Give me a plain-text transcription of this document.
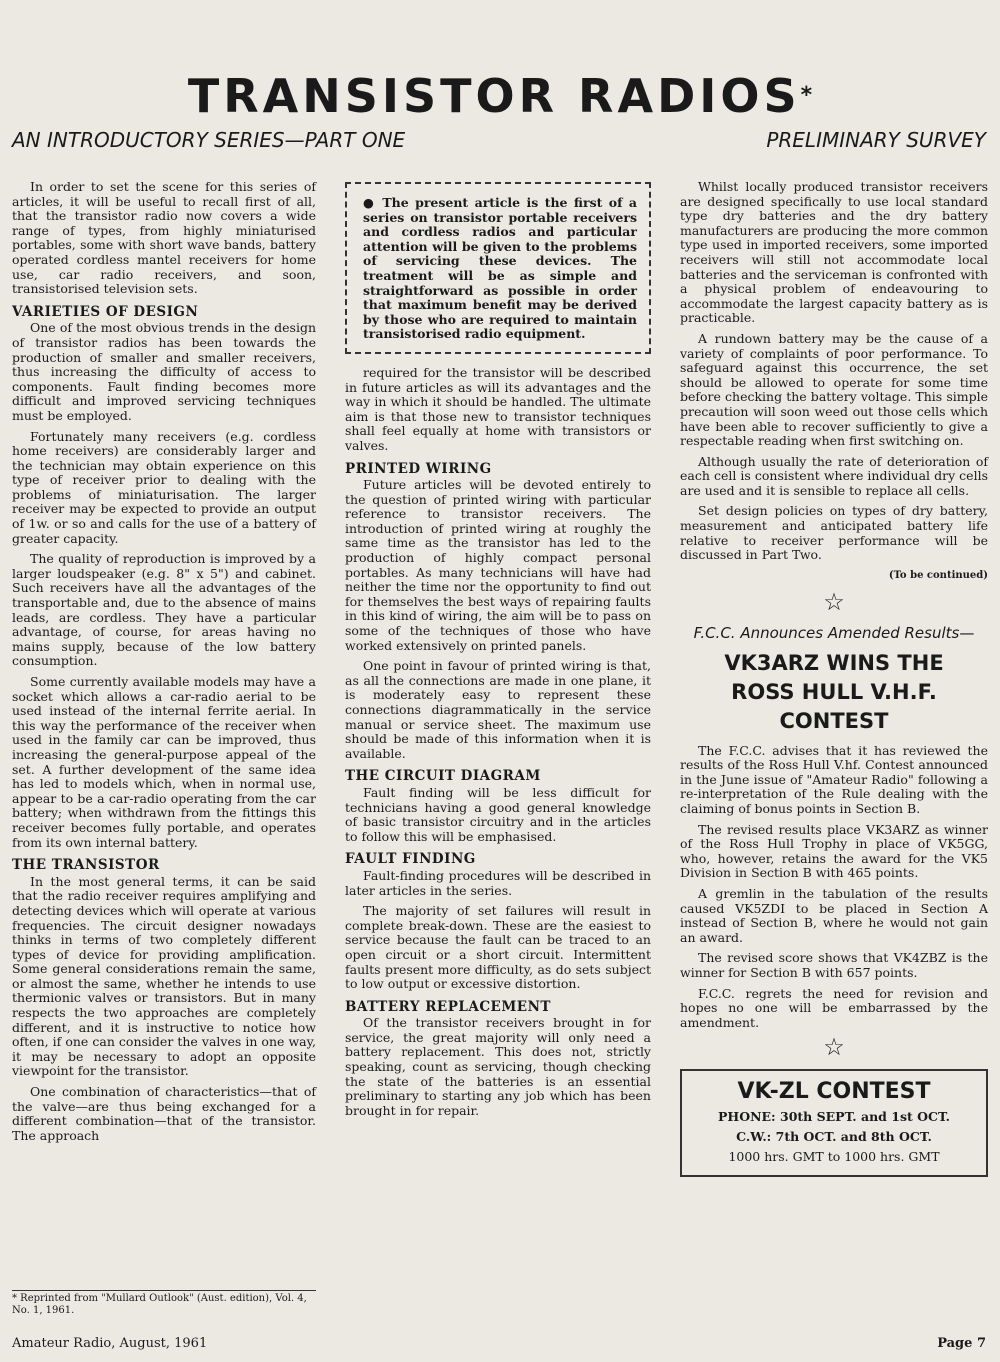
TRANSISTOR RADIOS*
AN INTRODUCTORY SERIES—PART ONE	PRELIMINARY SURVEY

In order to set the scene for this series of articles, it will be useful to recall first of all, that the transistor radio now covers a wide range of types, from highly miniaturised portables, some with short wave bands, battery operated cordless mantel receivers for home use, car radio receivers, and soon, transistorised television sets.

VARIETIES OF DESIGN

One of the most obvious trends in the design of transistor radios has been towards the production of smaller and smaller receivers, thus increasing the difficulty of access to components. Fault finding becomes more difficult and improved servicing techniques must be employed.

Fortunately many receivers (e.g. cordless home receivers) are considerably larger and the technician may obtain experience on this type of receiver prior to dealing with the problems of miniaturisation. The larger receiver may be expected to provide an output of 1w. or so and calls for the use of a battery of greater capacity.

The quality of reproduction is improved by a larger loudspeaker (e.g. 8" x 5") and cabinet. Such receivers have all the advantages of the transportable and, due to the absence of mains leads, are cordless. They have a particular advantage, of course, for areas having no mains supply, because of the low battery consumption.

Some currently available models may have a socket which allows a car-radio aerial to be used instead of the internal ferrite aerial. In this way the performance of the receiver when used in the family car can be improved, thus increasing the general-purpose appeal of the set. A further development of the same idea has led to models which, when in normal use, appear to be a car-radio operating from the car battery; when withdrawn from the fittings this receiver becomes fully portable, and operates from its own internal battery.

THE TRANSISTOR

In the most general terms, it can be said that the radio receiver requires amplifying and detecting devices which will operate at various frequencies. The circuit designer nowadays thinks in terms of two completely different types of device for providing amplification. Some general considerations remain the same, or almost the same, whether he intends to use thermionic valves or transistors. But in many respects the two approaches are completely different, and it is instructive to notice how often, if one can consider the valves in one way, it may be necessary to adopt an opposite viewpoint for the transistor.

One combination of characteristics—that of the valve—are thus being exchanged for a different combination—that of the transistor. The approach

* Reprinted from "Mullard Outlook" (Aust. edition), Vol. 4, No. 1, 1961.

● The present article is the first of a series on transistor portable receivers and cordless radios and particular attention will be given to the problems of servicing these devices. The treatment will be as simple and straightforward as possible in order that maximum benefit may be derived by those who are required to maintain transistorised radio equipment.

required for the transistor will be described in future articles as will its advantages and the way in which it should be handled. The ultimate aim is that those new to transistor techniques shall feel equally at home with transistors or valves.

PRINTED WIRING

Future articles will be devoted entirely to the question of printed wiring with particular reference to transistor receivers. The introduction of printed wiring at roughly the same time as the transistor has led to the production of highly compact personal portables. As many technicians will have had neither the time nor the opportunity to find out for themselves the best ways of repairing faults in this kind of wiring, the aim will be to pass on some of the techniques of those who have worked extensively on printed panels.

One point in favour of printed wiring is that, as all the connections are made in one plane, it is moderately easy to represent these connections diagrammatically in the service manual or service sheet. The maximum use should be made of this information when it is available.

THE CIRCUIT DIAGRAM

Fault finding will be less difficult for technicians having a good general knowledge of basic transistor circuitry and in the articles to follow this will be emphasised.

FAULT FINDING

Fault-finding procedures will be described in later articles in the series.

The majority of set failures will result in complete break-down. These are the easiest to service because the fault can be traced to an open circuit or a short circuit. Intermittent faults present more difficulty, as do sets subject to low output or excessive distortion.

BATTERY REPLACEMENT

Of the transistor receivers brought in for service, the great majority will only need a battery replacement. This does not, strictly speaking, count as servicing, though checking the state of the batteries is an essential preliminary to starting any job which has been brought in for repair.

Whilst locally produced transistor receivers are designed specifically to use local standard type dry batteries and the dry battery manufacturers are producing the more common type used in imported receivers, some imported receivers will still not accommodate local batteries and the serviceman is confronted with a physical problem of endeavouring to accommodate the largest capacity battery as is practicable.

A rundown battery may be the cause of a variety of complaints of poor performance. To safeguard against this occurrence, the set should be allowed to operate for some time before checking the battery voltage. This simple precaution will soon weed out those cells which have been able to recover sufficiently to give a respectable reading when first switching on.

Although usually the rate of deterioration of each cell is consistent where individual dry cells are used and it is sensible to replace all cells.

Set design policies on types of dry battery, measurement and anticipated battery life relative to receiver performance will be discussed in Part Two.

(To be continued)
☆
F.C.C. Announces Amended Results—
VK3ARZ WINS THE
ROSS HULL V.H.F. CONTEST

The F.C.C. advises that it has reviewed the results of the Ross Hull V.hf. Contest announced in the June issue of "Amateur Radio" following a re-interpretation of the Rule dealing with the claiming of bonus points in Section B.

The revised results place VK3ARZ as winner of the Ross Hull Trophy in place of VK5GG, who, however, retains the award for the VK5 Division in Section B with 465 points.

A gremlin in the tabulation of the results caused VK5ZDI to be placed in Section A instead of Section B, where he would not gain an award.

The revised score shows that VK4ZBZ is the winner for Section B with 657 points.

F.C.C. regrets the need for revision and hopes no one will be embarrassed by the amendment.

☆
VK-ZL CONTEST
PHONE: 30th SEPT. and 1st OCT.
C.W.: 7th OCT. and 8th OCT.
1000 hrs. GMT to 1000 hrs. GMT
Amateur Radio, August, 1961	Page 7
